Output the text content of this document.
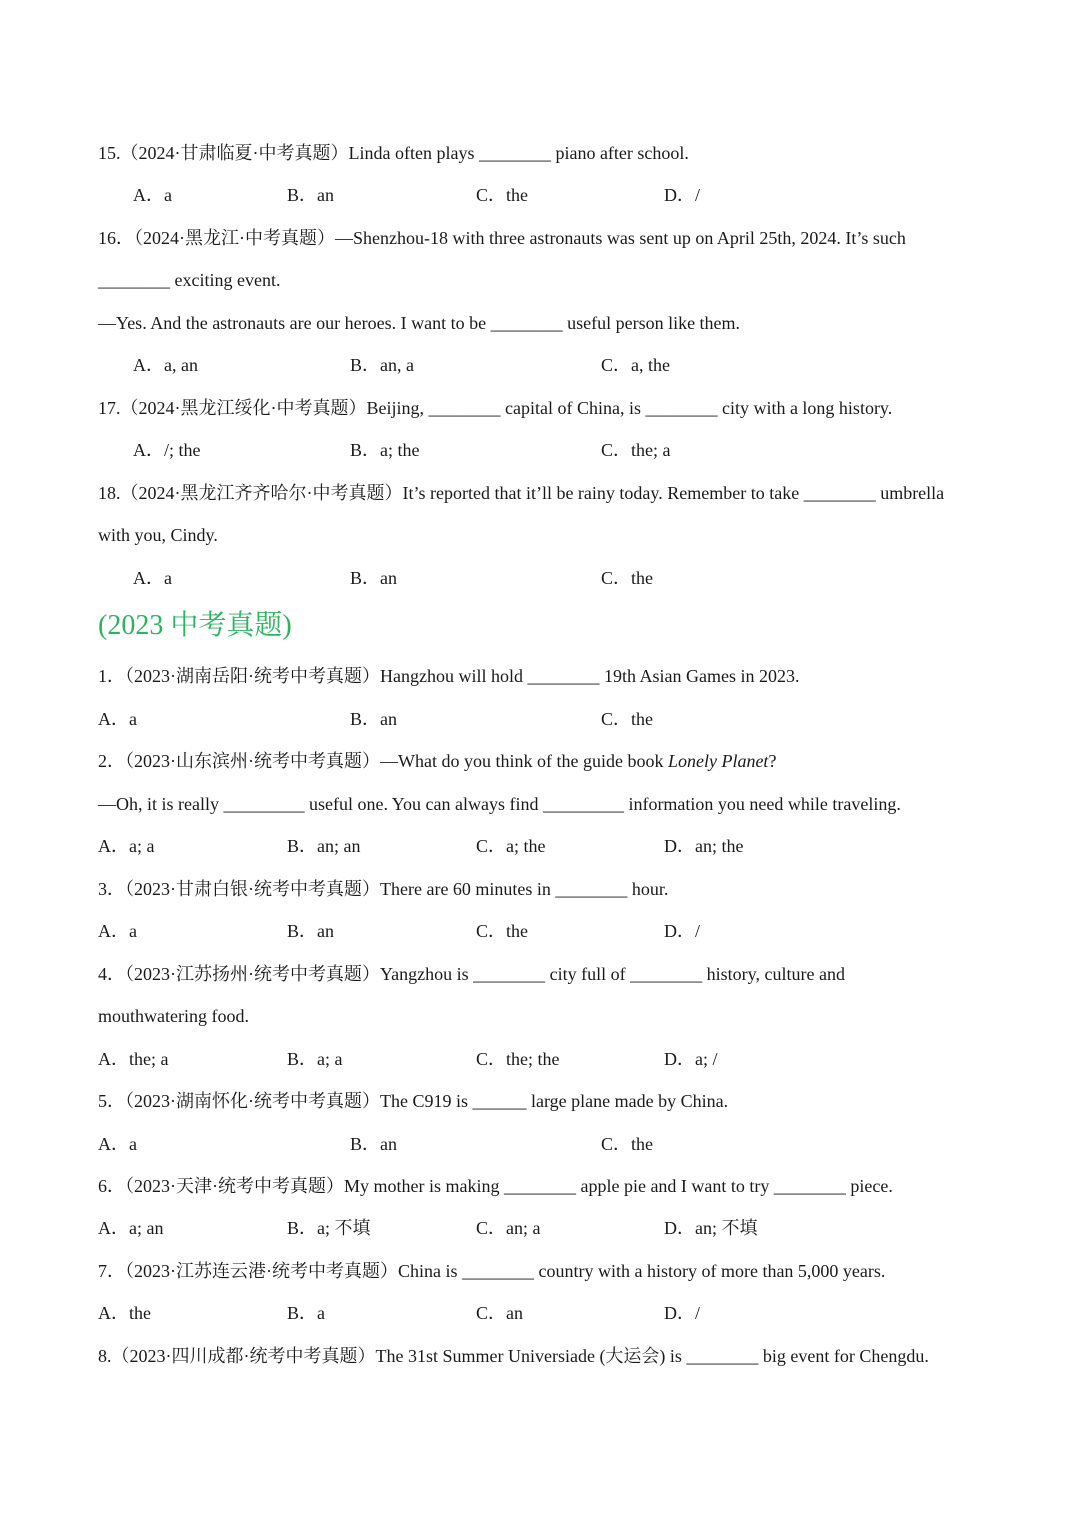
15.（2024·甘肃临夏·中考真题）Linda often plays ________ piano after school.
A．a	B．an	C．the	D．/
16．（2024·黑龙江·中考真题）—Shenzhou-18 with three astronauts was sent up on April 25th, 2024. It’s such
________ exciting event.
—Yes. And the astronauts are our heroes. I want to be ________ useful person like them.
A．a, an	B．an, a	C．a, the
17.（2024·黑龙江绥化·中考真题）Beijing, ________ capital of China, is ________ city with a long history.
A．/; the	B．a; the	C．the; a
18.（2024·黑龙江齐齐哈尔·中考真题）It’s reported that it’ll be rainy today. Remember to take ________ umbrella
with you, Cindy.
A．a	B．an	C．the
(2023 中考真题)
1．（2023·湖南岳阳·统考中考真题）Hangzhou will hold ________ 19th Asian Games in 2023.
A．a	B．an	C．the
2．（2023·山东滨州·统考中考真题）—What do you think of the guide book Lonely Planet?
—Oh, it is really _________ useful one. You can always find _________ information you need while traveling.
A．a; a	B．an; an	C．a; the	D．an; the
3．（2023·甘肃白银·统考中考真题）There are 60 minutes in ________ hour.
A．a	B．an	C．the	D．/
4．（2023·江苏扬州·统考中考真题）Yangzhou is ________ city full of ________ history, culture and
mouthwatering food.
A．the; a	B．a; a	C．the; the	D．a; /
5．（2023·湖南怀化·统考中考真题）The C919 is ______ large plane made by China.
A．a	B．an	C．the
6．（2023·天津·统考中考真题）My mother is making ________ apple pie and I want to try ________ piece.
A．a; an	B．a; 不填	C．an; a	D．an; 不填
7．（2023·江苏连云港·统考中考真题）China is ________ country with a history of more than 5,000 years.
A．the	B．a	C．an	D．/
8.（2023·四川成都·统考中考真题）The 31st Summer Universiade (大运会) is ________ big event for Chengdu.
